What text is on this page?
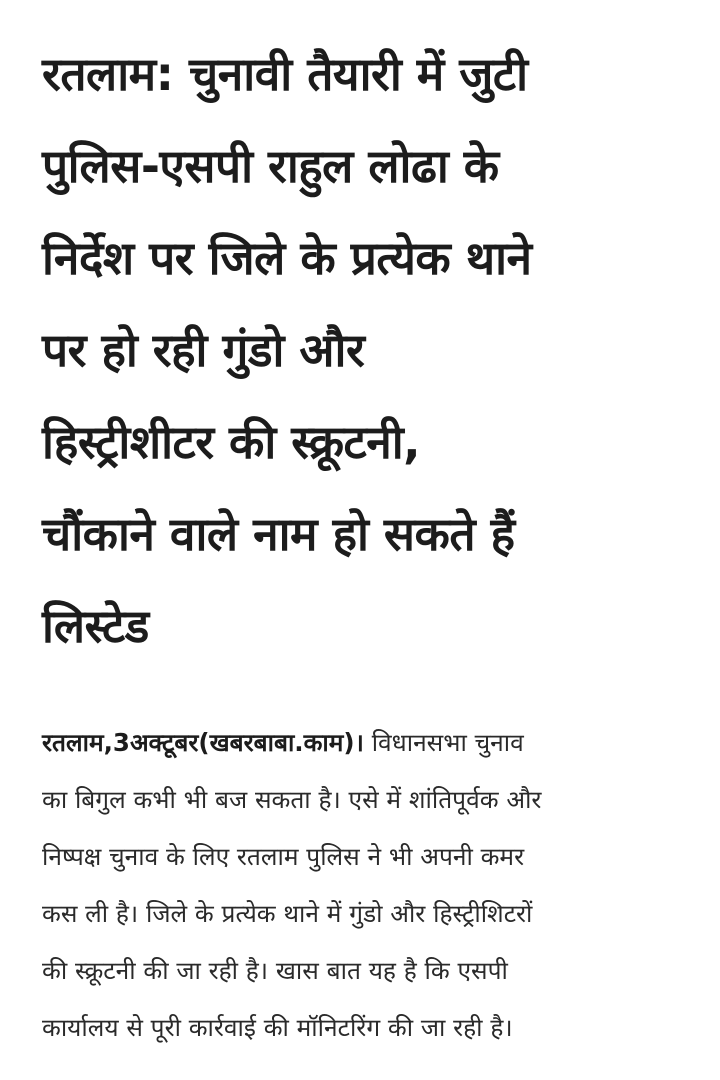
रतलाम: चुनावी तैयारी में जुटी
पुलिस-एसपी राहुल लोढा के
निर्देश पर जिले के प्रत्येक थाने
पर हो रही गुंडो और
हिस्ट्रीशीटर की स्क्रूटनी,
चौंकाने वाले नाम हो सकते हैं
लिस्टेड
रतलाम,3अक्टूबर(खबरबाबा.काम)। विधानसभा चुनाव
का बिगुल कभी भी बज सकता है। एसे में शांतिपूर्वक और
निष्पक्ष चुनाव के लिए रतलाम पुलिस ने भी अपनी कमर
कस ली है। जिले के प्रत्येक थाने में गुंडो और हिस्ट्रीशिटरों
की स्क्रूटनी की जा रही है। खास बात यह है कि एसपी
कार्यालय से पूरी कार्रवाई की मॉनिटरिंग की जा रही है।
